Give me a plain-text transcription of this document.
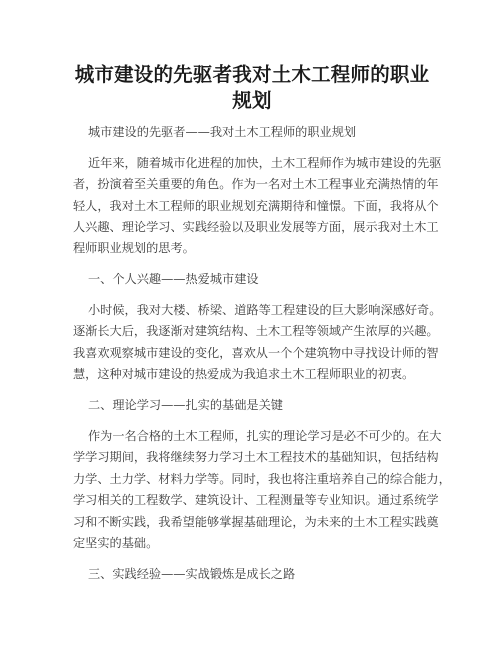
城市建设的先驱者我对土木工程师的职业规划
城市建设的先驱者——我对土木工程师的职业规划
近年来，随着城市化进程的加快，土木工程师作为城市建设的先驱
者，扮演着至关重要的角色。作为一名对土木工程事业充满热情的年
轻人，我对土木工程师的职业规划充满期待和憧憬。下面，我将从个
人兴趣、理论学习、实践经验以及职业发展等方面，展示我对土木工
程师职业规划的思考。
一、个人兴趣——热爱城市建设
小时候，我对大楼、桥梁、道路等工程建设的巨大影响深感好奇。
逐渐长大后，我逐渐对建筑结构、土木工程等领域产生浓厚的兴趣。
我喜欢观察城市建设的变化，喜欢从一个个建筑物中寻找设计师的智
慧，这种对城市建设的热爱成为我追求土木工程师职业的初衷。
二、理论学习——扎实的基础是关键
作为一名合格的土木工程师，扎实的理论学习是必不可少的。在大
学学习期间，我将继续努力学习土木工程技术的基础知识，包括结构
力学、土力学、材料力学等。同时，我也将注重培养自己的综合能力，
学习相关的工程数学、建筑设计、工程测量等专业知识。通过系统学
习和不断实践，我希望能够掌握基础理论，为未来的土木工程实践奠
定坚实的基础。
三、实践经验——实战锻炼是成长之路
